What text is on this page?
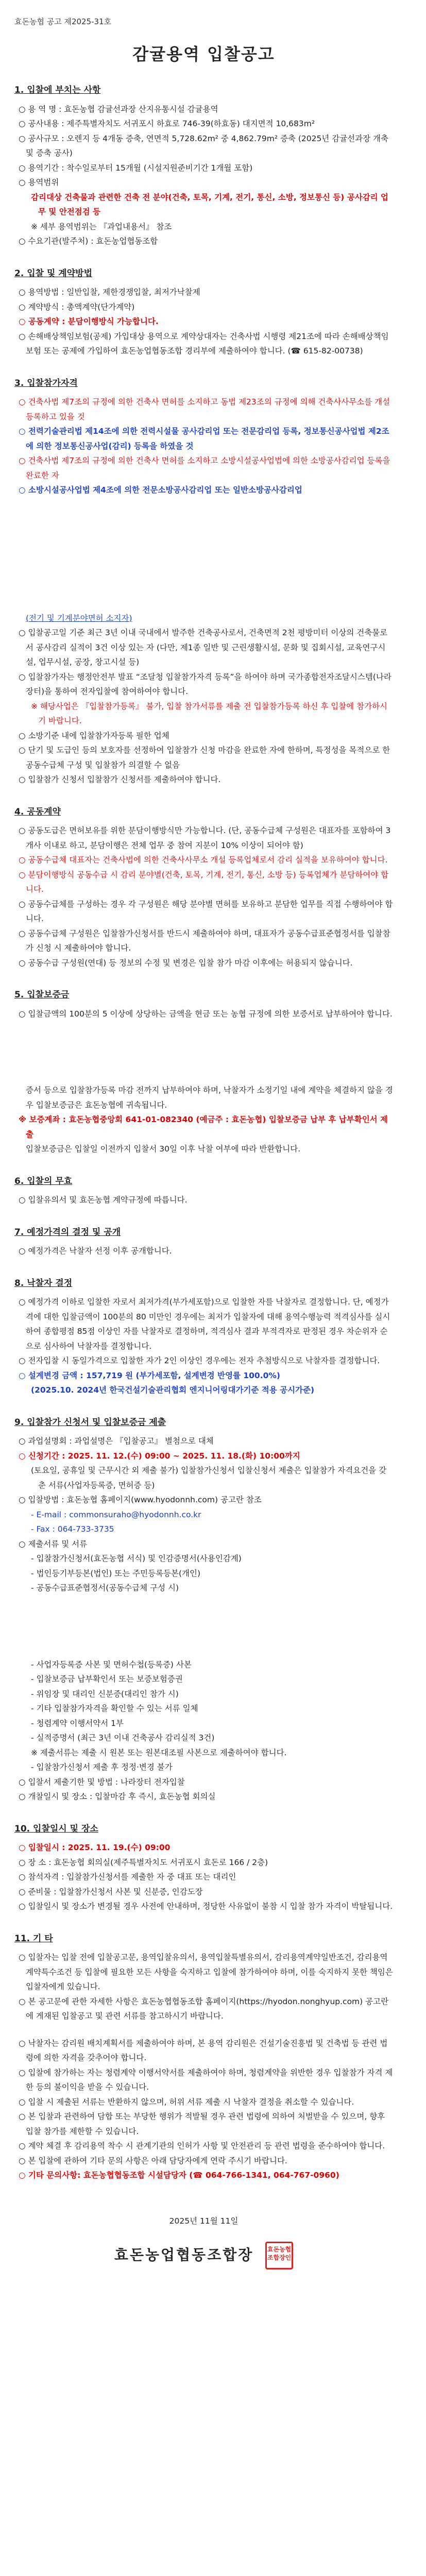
효돈농협 공고 제2025-31호
감귤용역 입찰공고
1. 입찰에 부치는 사항
○ 용 역 명 : 효돈농협 감귤선과장 산지유통시설 감귤용역
○ 공사내용 : 제주특별자치도 서귀포시 하효로 746-39(하효동) 대지면적 10,683m²
○ 공사규모 : 오렌지 등 4개동 증축, 연면적 5,728.62m² 중 4,862.79m² 증축 (2025년 감귤선과장 개축 및 증축 공사)
○ 용역기간 : 착수일로부터 15개월 (시설지원준비기간 1개월 포함)
○ 용역범위
감리대상 건축물과 관련한 건축 전 분야(건축, 토목, 기계, 전기, 통신, 소방, 정보통신 등) 공사감리 업무 및 안전점검 등
※ 세부 용역범위는 『과업내용서』 참조
○ 수요기관(발주처) : 효돈농업협동조합
2. 입찰 및 계약방법
○ 용역방법 : 일반입찰, 제한경쟁입찰, 최저가낙찰제
○ 계약방식 : 총액계약(단가계약)
○ 공동계약 : 분담이행방식 가능합니다.
○ 손해배상책임보험(공제) 가입대상 용역으로 계약상대자는 건축사법 시행령 제21조에 따라 손해배상책임보험 또는 공제에 가입하여 효돈농업협동조합 경리부에 제출하여야 합니다. (☎ 615-82-00738)
3. 입찰참가자격
○ 건축사법 제7조의 규정에 의한 건축사 면허를 소지하고 동법 제23조의 규정에 의해 건축사사무소를 개설등록하고 있을 것
○ 전력기술관리법 제14조에 의한 전력시설물 공사감리업 또는 전문감리업 등록, 정보통신공사업법 제2조에 의한 정보통신공사업(감리) 등록을 하였을 것
○ 건축사법 제7조의 규정에 의한 건축사 면허를 소지하고 소방시설공사업법에 의한 소방공사감리업 등록을 완료한 자
○ 소방시설공사업법 제4조에 의한 전문소방공사감리업 또는 일반소방공사감리업
(전기 및 기계분야면허 소지자)
○ 입찰공고일 기준 최근 3년 이내 국내에서 발주한 건축공사로서, 건축면적 2천 평방미터 이상의 건축물로서 공사감리 실적이 3건 이상 있는 자 (다만, 제1종 일반 및 근린생활시설, 문화 및 집회시설, 교육연구시설, 업무시설, 공장, 창고시설 등)
○ 입찰참가자는 행정안전부 발표 “조달청 입찰참가자격 등록”을 하여야 하며 국가종합전자조달시스템(나라장터)을 통하여 전자입찰에 참여하여야 합니다.
※ 해당사업은 『입찰참가등록』 불가, 입찰 참가서류를 제출 전 입찰참가등록 하신 후 입찰에 참가하시기 바랍니다.
○ 소방기준 내에 입찰참가자등록 필한 업체
○ 단기 및 도급인 등의 보호자를 선정하여 입찰참가 신청 마감을 완료한 자에 한하며, 특정성을 목적으로 한 공동수급체 구성 및 입찰참가 의결할 수 없음
○ 입찰참가 신청서 입찰참가 신청서를 제출하여야 합니다.
4. 공동계약
○ 공동도급은 면허보유를 위한 분담이행방식만 가능합니다. (단, 공동수급체 구성원은 대표자를 포함하여 3개사 이내로 하고, 분담이행은 전체 업무 중 참여 지분이 10% 이상이 되어야 함)
○ 공동수급체 대표자는 건축사법에 의한 건축사사무소 개설 등록업체로서 감리 실적을 보유하여야 합니다.
○ 분담이행방식 공동수급 시 감리 분야별(건축, 토목, 기계, 전기, 통신, 소방 등) 등록업체가 분담하여야 합니다.
○ 공동수급체를 구성하는 경우 각 구성원은 해당 분야별 면허를 보유하고 분담한 업무를 직접 수행하여야 합니다.
○ 공동수급체 구성원은 입찰참가신청서를 반드시 제출하여야 하며, 대표자가 공동수급표준협정서를 입찰참가 신청 시 제출하여야 합니다.
○ 공동수급 구성원(연대) 등 정보의 수정 및 변경은 입찰 참가 마감 이후에는 허용되지 않습니다.
5. 입찰보증금
○ 입찰금액의 100분의 5 이상에 상당하는 금액을 현금 또는 농협 규정에 의한 보증서로 납부하여야 합니다.
증서 등으로 입찰참가등록 마감 전까지 납부하여야 하며, 낙찰자가 소정기일 내에 계약을 체결하지 않을 경우 입찰보증금은 효돈농협에 귀속됩니다.
※ 보증계좌 : 효돈농협중앙회 641-01-082340 (예금주 : 효돈농협) 입찰보증금 납부 후 납부확인서 제출
입찰보증금은 입찰일 이전까지 입찰서 30일 이후 낙찰 여부에 따라 반환합니다.
6. 입찰의 무효
○ 입찰유의서 및 효돈농협 계약규정에 따릅니다.
7. 예정가격의 결정 및 공개
○ 예정가격은 낙찰자 선정 이후 공개합니다.
8. 낙찰자 결정
○ 예정가격 이하로 입찰한 자로서 최저가격(부가세포함)으로 입찰한 자를 낙찰자로 결정합니다. 단, 예정가격에 대한 입찰금액이 100분의 80 미만인 경우에는 최저가 입찰자에 대해 용역수행능력 적격심사를 실시하여 종합평점 85점 이상인 자를 낙찰자로 결정하며, 적격심사 결과 부적격자로 판정된 경우 차순위자 순으로 심사하여 낙찰자를 결정합니다.
○ 전자입찰 시 동일가격으로 입찰한 자가 2인 이상인 경우에는 전자 추첨방식으로 낙찰자를 결정합니다.
○ 설계변경 금액 : 157,719 원 (부가세포함, 설계변경 반영률 100.0%)
(2025.10. 2024년 한국건설기술관리협회 엔지니어링대가기준 적용 공시가준)
9. 입찰참가 신청서 및 입찰보증금 제출
○ 과업설명회 : 과업설명은 『입찰공고』 별첨으로 대체
○ 신청기간 : 2025. 11. 12.(수) 09:00 ~ 2025. 11. 18.(화) 10:00까지
(토요일, 공휴일 및 근무시간 외 제출 불가) 입찰참가신청서 입찰신청서 제출은 입찰참가 자격요건을 갖춘 서류(사업자등록증, 면허증 등)
○ 입찰방법 : 효돈농협 홈페이지(www.hyodonnh.com) 공고란 참조
- E-mail : commonsuraho@hyodonnh.co.kr
- Fax : 064-733-3735
○ 제출서류 및 서류
- 입찰참가신청서(효돈농협 서식) 및 인감증명서(사용인감계)
- 법인등기부등본(법인) 또는 주민등록등본(개인)
- 공동수급표준협정서(공동수급체 구성 시)
- 사업자등록증 사본 및 면허수첩(등록증) 사본
- 입찰보증금 납부확인서 또는 보증보험증권
- 위임장 및 대리인 신분증(대리인 참가 시)
- 기타 입찰참가자격을 확인할 수 있는 서류 일체
- 청렴계약 이행서약서 1부
- 실적증명서 (최근 3년 이내 건축공사 감리실적 3건)
※ 제출서류는 제출 시 원본 또는 원본대조필 사본으로 제출하여야 합니다.
- 입찰참가신청서 제출 후 정정·변경 불가
○ 입찰서 제출기한 및 방법 : 나라장터 전자입찰
○ 개찰일시 및 장소 : 입찰마감 후 즉시, 효돈농협 회의실
10. 입찰일시 및 장소
○ 입찰일시 : 2025. 11. 19.(수) 09:00
○ 장 소 : 효돈농협 회의실(제주특별자치도 서귀포시 효돈로 166 / 2층)
○ 참석자격 : 입찰참가신청서를 제출한 자 중 대표 또는 대리인
○ 준비물 : 입찰참가신청서 사본 및 신분증, 인감도장
○ 입찰일시 및 장소가 변경될 경우 사전에 안내하며, 정당한 사유없이 불참 시 입찰 참가 자격이 박탈됩니다.
11. 기 타
○ 입찰자는 입찰 전에 입찰공고문, 용역입찰유의서, 용역입찰특별유의서, 감리용역계약일반조건, 감리용역계약특수조건 등 입찰에 필요한 모든 사항을 숙지하고 입찰에 참가하여야 하며, 이를 숙지하지 못한 책임은 입찰자에게 있습니다.
○ 본 공고문에 관한 자세한 사항은 효돈농협협동조합 홈페이지(https://hyodon.nonghyup.com) 공고란에 게재된 입찰공고 및 관련 서류를 참고하시기 바랍니다.
○ 낙찰자는 감리원 배치계획서를 제출하여야 하며, 본 용역 감리원은 건설기술진흥법 및 건축법 등 관련 법령에 의한 자격을 갖추어야 합니다.
○ 입찰에 참가하는 자는 청렴계약 이행서약서를 제출하여야 하며, 청렴계약을 위반한 경우 입찰참가 자격 제한 등의 불이익을 받을 수 있습니다.
○ 입찰 시 제출된 서류는 반환하지 않으며, 허위 서류 제출 시 낙찰자 결정을 취소할 수 있습니다.
○ 본 입찰과 관련하여 담합 또는 부당한 행위가 적발될 경우 관련 법령에 의하여 처벌받을 수 있으며, 향후 입찰 참가를 제한할 수 있습니다.
○ 계약 체결 후 감리용역 착수 시 관계기관의 인허가 사항 및 안전관리 등 관련 법령을 준수하여야 합니다.
○ 본 입찰에 관하여 기타 문의 사항은 아래 담당자에게 연락 주시기 바랍니다.
○ 기타 문의사항: 효돈농협협동조합 시설담당자 (☎ 064-766-1341, 064-767-0960)
2025년 11월 11일
효돈농업협동조합장 효돈농협조합장인
